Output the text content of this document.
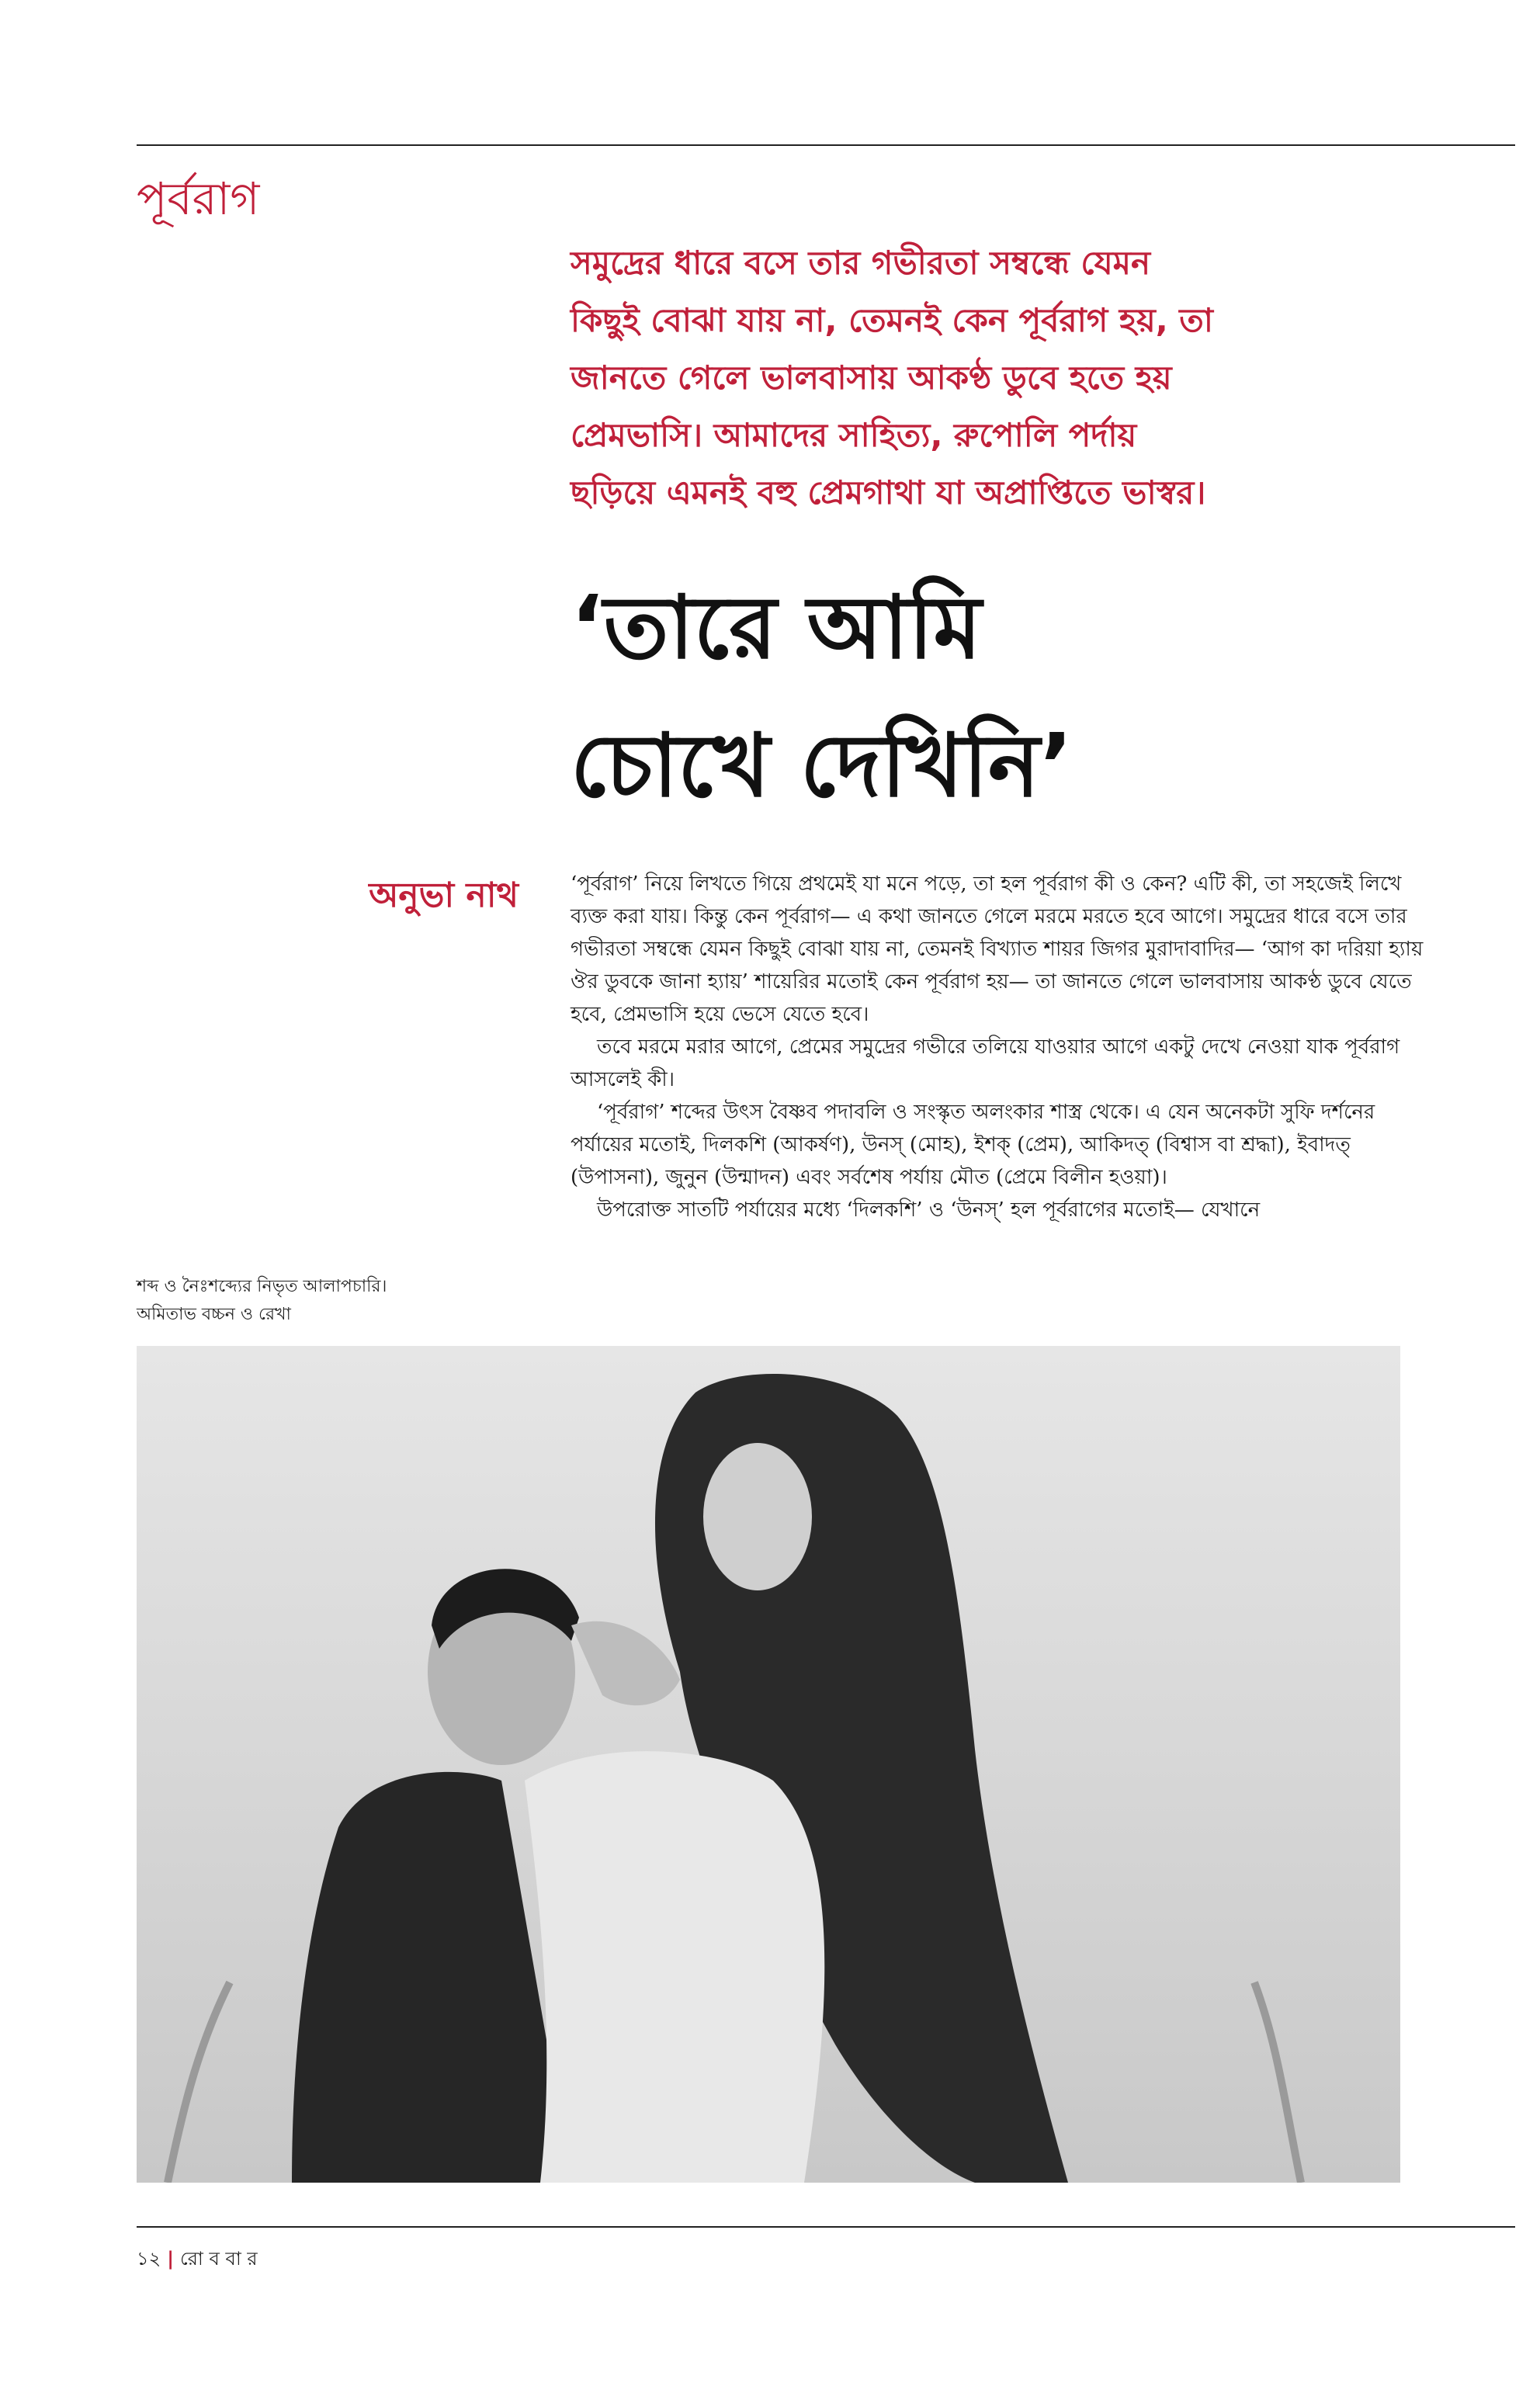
পূর্বরাগ
সমুদ্রের ধারে বসে তার গভীরতা সম্বন্ধে যেমন
কিছুই বোঝা যায় না, তেমনই কেন পূর্বরাগ হয়, তা
জানতে গেলে ভালবাসায় আকণ্ঠ ডুবে হতে হয়
প্রেমভাসি। আমাদের সাহিত্য, রুপোলি পর্দায়
ছড়িয়ে এমনই বহু প্রেমগাথা যা অপ্রাপ্তিতে ভাস্বর।
‘তারে আমি
চোখে দেখিনি’
অনুভা নাথ	‘পূর্বরাগ’ নিয়ে লিখতে গিয়ে প্রথমেই যা মনে পড়ে, তা হল পূর্বরাগ কী ও কেন? এটি কী, তা সহজেই লিখে ব্যক্ত করা যায়। কিন্তু কেন পূর্বরাগ— এ কথা জানতে গেলে মরমে মরতে হবে আগে। সমুদ্রের ধারে বসে তার গভীরতা সম্বন্ধে যেমন কিছুই বোঝা যায় না, তেমনই বিখ্যাত শায়র জিগর মুরাদাবাদির— ‘আগ কা দরিয়া হ্যায় ঔর ডুবকে জানা হ্যায়’ শায়েরির মতোই কেন পূর্বরাগ হয়— তা জানতে গেলে ভালবাসায় আকণ্ঠ ডুবে যেতে হবে, প্রেমভাসি হয়ে ভেসে যেতে হবে।

তবে মরমে মরার আগে, প্রেমের সমুদ্রের গভীরে তলিয়ে যাওয়ার আগে একটু দেখে নেওয়া যাক পূর্বরাগ আসলেই কী।

‘পূর্বরাগ’ শব্দের উৎস বৈষ্ণব পদাবলি ও সংস্কৃত অলংকার শাস্ত্র থেকে। এ যেন অনেকটা সুফি দর্শনের পর্যায়ের মতোই, দিলকশি (আকর্ষণ), উনস্ (মোহ), ইশক্ (প্রেম), আকিদত্ (বিশ্বাস বা শ্রদ্ধা), ইবাদত্ (উপাসনা), জুনুন (উন্মাদন) এবং সর্বশেষ পর্যায় মৌত (প্রেমে বিলীন হওয়া)।

উপরোক্ত সাতটি পর্যায়ের মধ্যে ‘দিলকশি’ ও ‘উনস্’ হল পূর্বরাগের মতোই— যেখানে

শব্দ ও নৈঃশব্দ্যের নিভৃত আলাপচারি।
অমিতাভ বচ্চন ও রেখা
১২ | রো ব বা র
